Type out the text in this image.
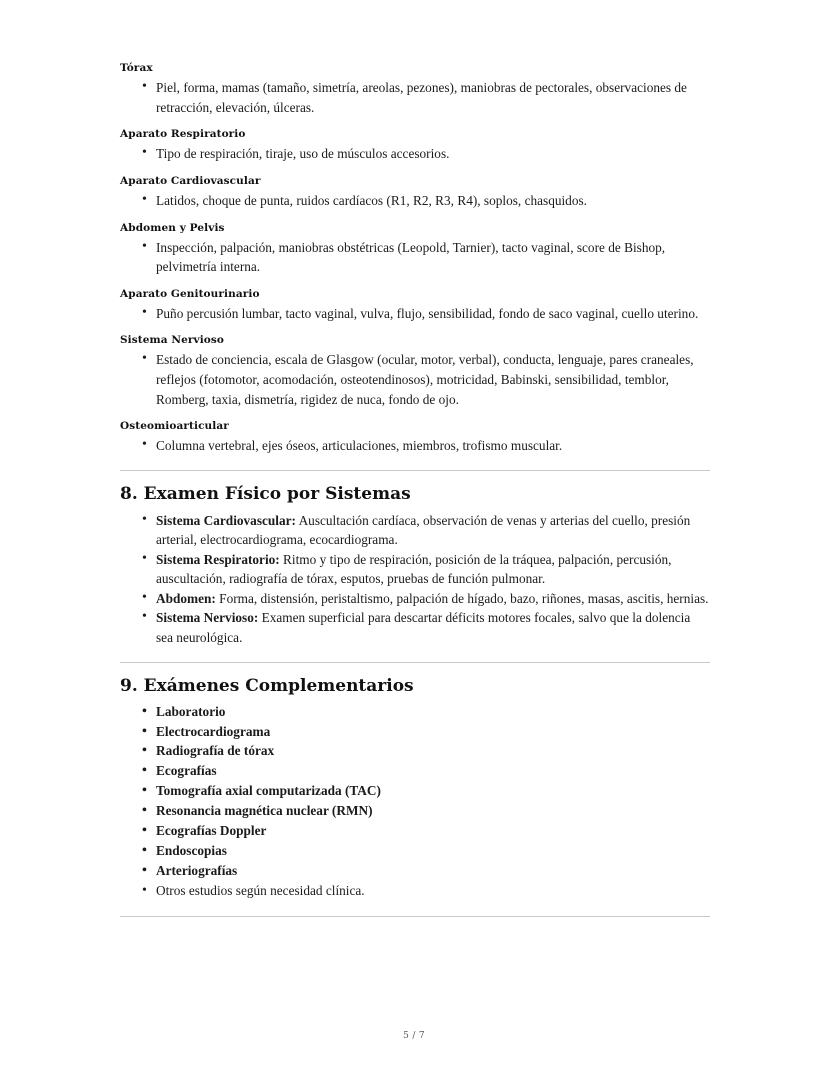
Tórax
• Piel, forma, mamas (tamaño, simetría, areolas, pezones), maniobras de pectorales, observaciones de retracción, elevación, úlceras.
Aparato Respiratorio
• Tipo de respiración, tiraje, uso de músculos accesorios.
Aparato Cardiovascular
• Latidos, choque de punta, ruidos cardíacos (R1, R2, R3, R4), soplos, chasquidos.
Abdomen y Pelvis
• Inspección, palpación, maniobras obstétricas (Leopold, Tarnier), tacto vaginal, score de Bishop, pelvimetría interna.
Aparato Genitourinario
• Puño percusión lumbar, tacto vaginal, vulva, flujo, sensibilidad, fondo de saco vaginal, cuello uterino.
Sistema Nervioso
• Estado de conciencia, escala de Glasgow (ocular, motor, verbal), conducta, lenguaje, pares craneales, reflejos (fotomotor, acomodación, osteotendinosos), motricidad, Babinski, sensibilidad, temblor, Romberg, taxia, dismetría, rigidez de nuca, fondo de ojo.
Osteomioarticular
• Columna vertebral, ejes óseos, articulaciones, miembros, trofismo muscular.
8. Examen Físico por Sistemas
• Sistema Cardiovascular: Auscultación cardíaca, observación de venas y arterias del cuello, presión arterial, electrocardiograma, ecocardiograma.
• Sistema Respiratorio: Ritmo y tipo de respiración, posición de la tráquea, palpación, percusión, auscultación, radiografía de tórax, esputos, pruebas de función pulmonar.
• Abdomen: Forma, distensión, peristaltismo, palpación de hígado, bazo, riñones, masas, ascitis, hernias.
• Sistema Nervioso: Examen superficial para descartar déficits motores focales, salvo que la dolencia sea neurológica.
9. Exámenes Complementarios
• Laboratorio
• Electrocardiograma
• Radiografía de tórax
• Ecografías
• Tomografía axial computarizada (TAC)
• Resonancia magnética nuclear (RMN)
• Ecografías Doppler
• Endoscopias
• Arteriografías
• Otros estudios según necesidad clínica.
5 / 7
